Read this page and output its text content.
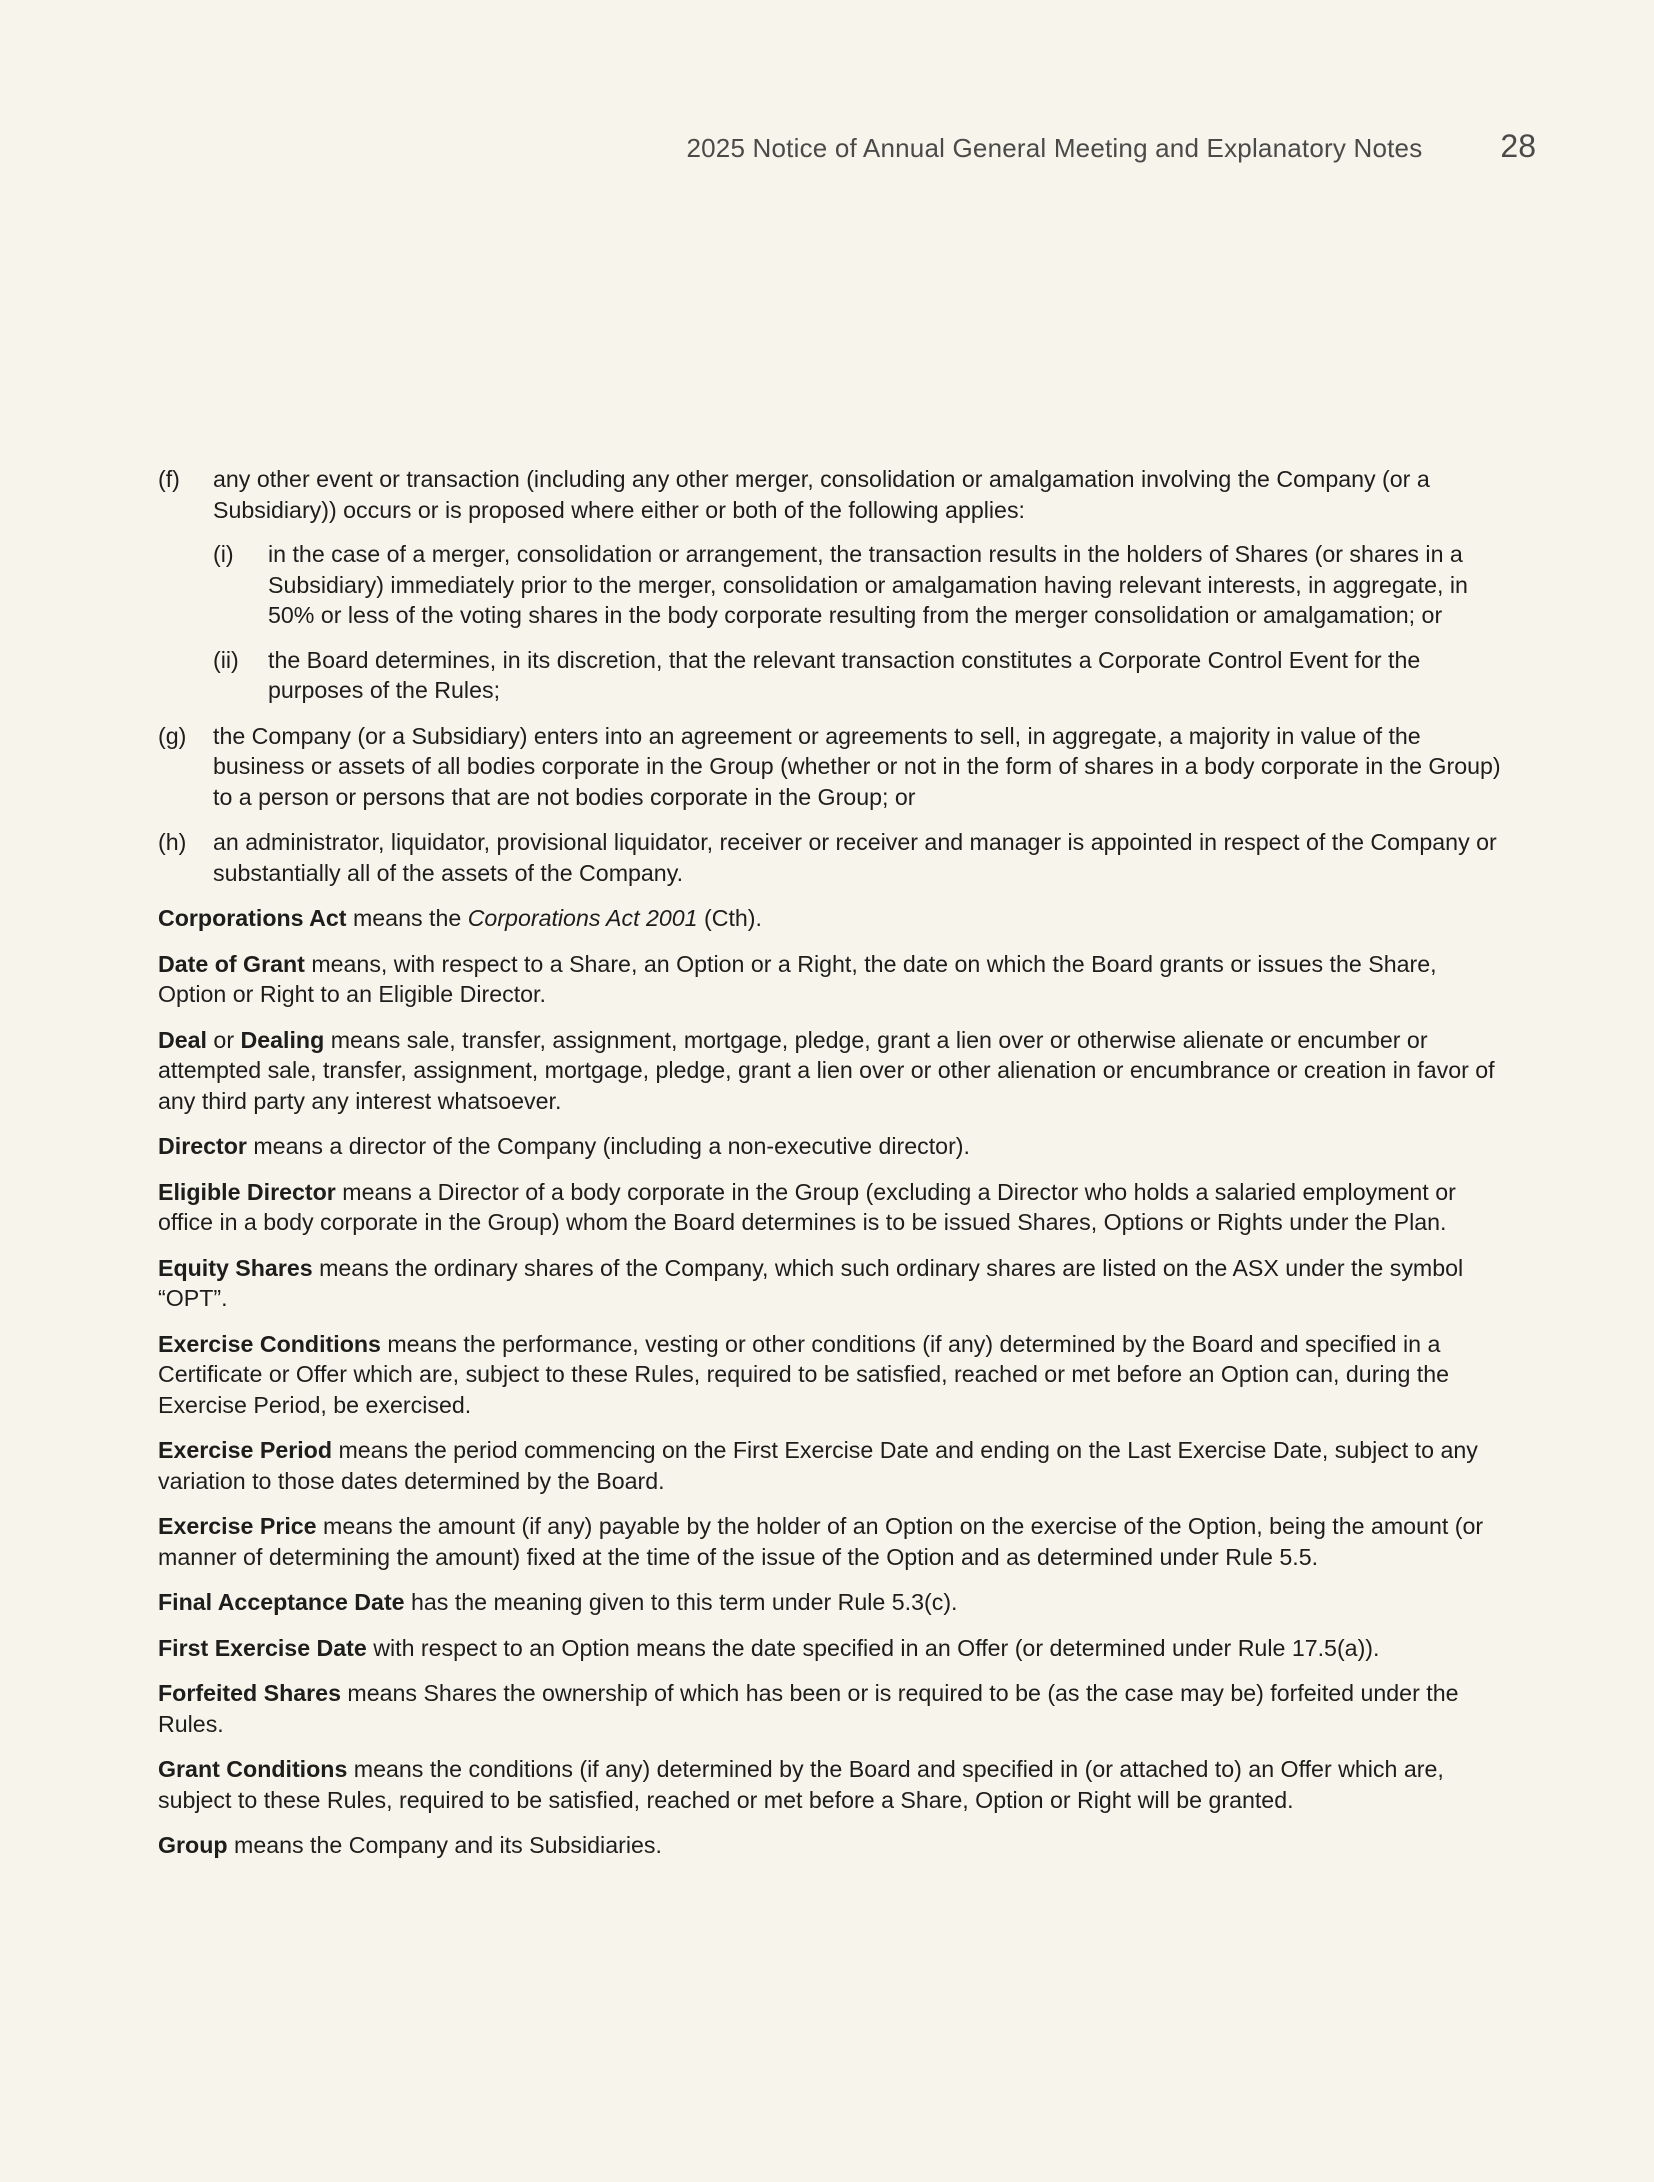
2025 Notice of Annual General Meeting and Explanatory Notes 28
(f)	any other event or transaction (including any other merger, consolidation or amalgamation involving the Company (or a Subsidiary)) occurs or is proposed where either or both of the following applies:
(i)	in the case of a merger, consolidation or arrangement, the transaction results in the holders of Shares (or shares in a Subsidiary) immediately prior to the merger, consolidation or amalgamation having relevant interests, in aggregate, in 50% or less of the voting shares in the body corporate resulting from the merger consolidation or amalgamation; or
(ii)	the Board determines, in its discretion, that the relevant transaction constitutes a Corporate Control Event for the purposes of the Rules;
(g)	the Company (or a Subsidiary) enters into an agreement or agreements to sell, in aggregate, a majority in value of the business or assets of all bodies corporate in the Group (whether or not in the form of shares in a body corporate in the Group) to a person or persons that are not bodies corporate in the Group; or
(h)	an administrator, liquidator, provisional liquidator, receiver or receiver and manager is appointed in respect of the Company or substantially all of the assets of the Company.

Corporations Act means the Corporations Act 2001 (Cth).

Date of Grant means, with respect to a Share, an Option or a Right, the date on which the Board grants or issues the Share, Option or Right to an Eligible Director.

Deal or Dealing means sale, transfer, assignment, mortgage, pledge, grant a lien over or otherwise alienate or encumber or attempted sale, transfer, assignment, mortgage, pledge, grant a lien over or other alienation or encumbrance or creation in favor of any third party any interest whatsoever.

Director means a director of the Company (including a non-executive director).

Eligible Director means a Director of a body corporate in the Group (excluding a Director who holds a salaried employment or office in a body corporate in the Group) whom the Board determines is to be issued Shares, Options or Rights under the Plan.

Equity Shares means the ordinary shares of the Company, which such ordinary shares are listed on the ASX under the symbol “OPT”.

Exercise Conditions means the performance, vesting or other conditions (if any) determined by the Board and specified in a Certificate or Offer which are, subject to these Rules, required to be satisfied, reached or met before an Option can, during the Exercise Period, be exercised.

Exercise Period means the period commencing on the First Exercise Date and ending on the Last Exercise Date, subject to any variation to those dates determined by the Board.

Exercise Price means the amount (if any) payable by the holder of an Option on the exercise of the Option, being the amount (or manner of determining the amount) fixed at the time of the issue of the Option and as determined under Rule 5.5.

Final Acceptance Date has the meaning given to this term under Rule 5.3(c).

First Exercise Date with respect to an Option means the date specified in an Offer (or determined under Rule 17.5(a)).

Forfeited Shares means Shares the ownership of which has been or is required to be (as the case may be) forfeited under the Rules.

Grant Conditions means the conditions (if any) determined by the Board and specified in (or attached to) an Offer which are, subject to these Rules, required to be satisfied, reached or met before a Share, Option or Right will be granted.

Group means the Company and its Subsidiaries.
